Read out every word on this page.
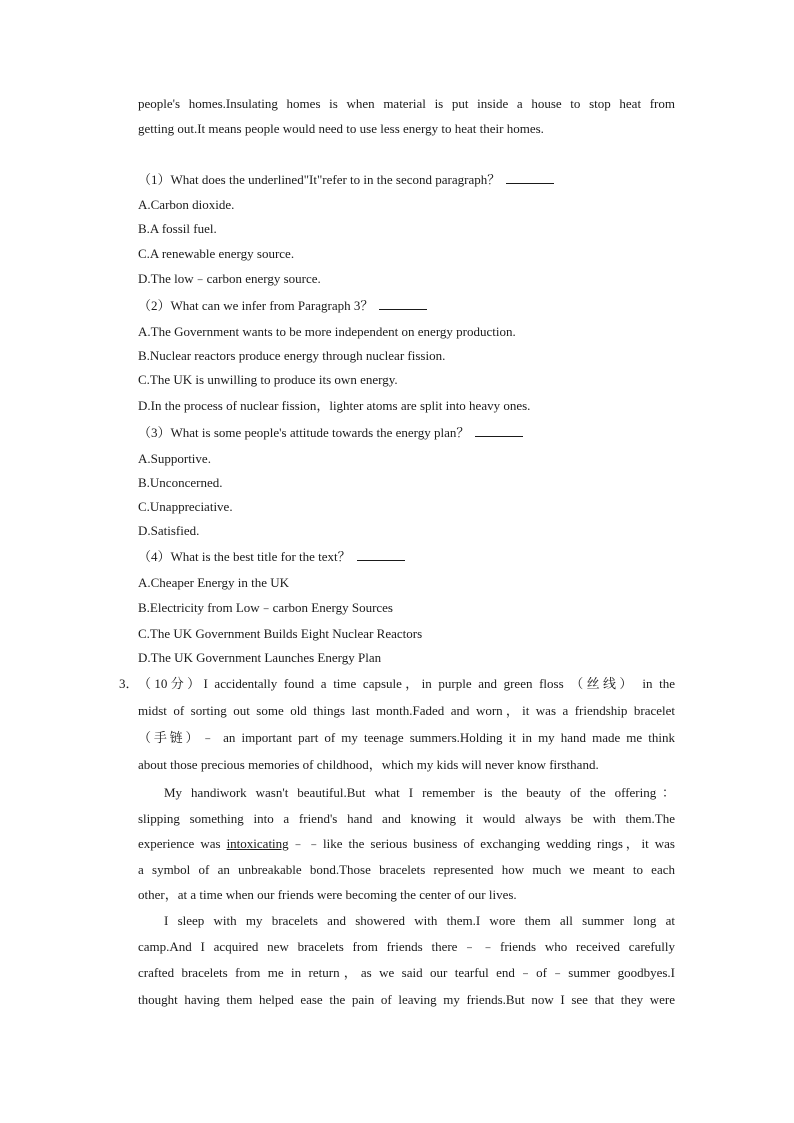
people's homes.Insulating homes is when material is put inside a house to stop heat from
getting out.It means people would need to use less energy to heat their homes.
（1）What does the underlined"It"refer to in the second paragraph？
A.Carbon dioxide.
B.A fossil fuel.
C.A renewable energy source.
D.The low﹣carbon energy source.
（2）What can we infer from Paragraph 3？
A.The Government wants to be more independent on energy production.
B.Nuclear reactors produce energy through nuclear fission.
C.The UK is unwilling to produce its own energy.
D.In the process of nuclear fission，lighter atoms are split into heavy ones.
（3）What is some people's attitude towards the energy plan？
A.Supportive.
B.Unconcerned.
C.Unappreciative.
D.Satisfied.
（4）What is the best title for the text？
A.Cheaper Energy in the UK
B.Electricity from Low﹣carbon Energy Sources
C.The UK Government Builds Eight Nuclear Reactors
D.The UK Government Launches Energy Plan
3． （10分）I accidentally found a time capsule，in purple and green floss （丝线） in the
midst of sorting out some old things last month.Faded and worn，it was a friendship bracelet
（手链）﹣ an important part of my teenage summers.Holding it in my hand made me think
about those precious memories of childhood，which my kids will never know firsthand.
My handiwork wasn't beautiful.But what I remember is the beauty of the offering：
slipping something into a friend's hand and knowing it would always be with them.The
experience was intoxicating﹣﹣like the serious business of exchanging wedding rings，it was
a symbol of an unbreakable bond.Those bracelets represented how much we meant to each
other，at a time when our friends were becoming the center of our lives.
I sleep with my bracelets and showered with them.I wore them all summer long at
camp.And I acquired new bracelets from friends there﹣﹣friends who received carefully
crafted bracelets from me in return，as we said our tearful end﹣of﹣summer goodbyes.I
thought having them helped ease the pain of leaving my friends.But now I see that they were
